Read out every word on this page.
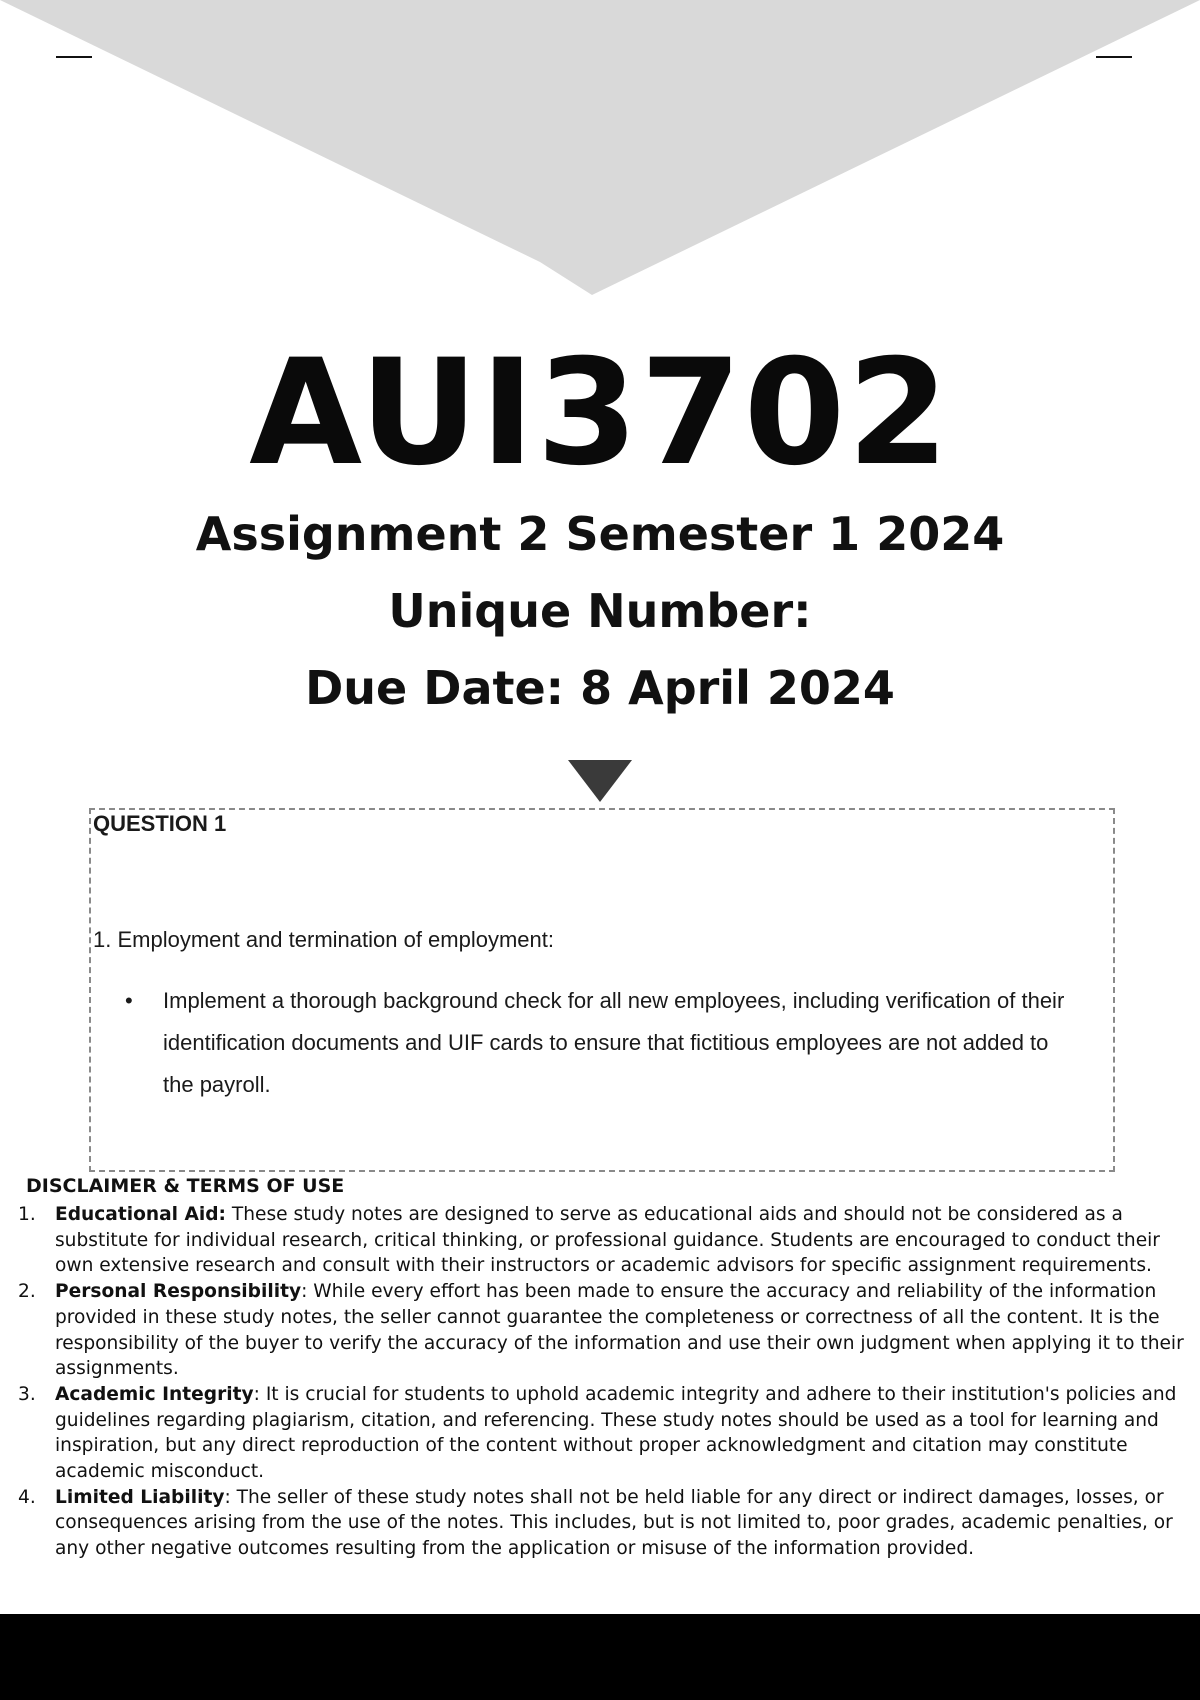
AUI3702
Assignment 2 Semester 1 2024
Unique Number:
Due Date: 8 April 2024
QUESTION 1
1. Employment and termination of employment:
• Implement a thorough background check for all new employees, including verification of their identification documents and UIF cards to ensure that fictitious employees are not added to the payroll.
DISCLAIMER & TERMS OF USE
1. Educational Aid: These study notes are designed to serve as educational aids and should not be considered as a substitute for individual research, critical thinking, or professional guidance. Students are encouraged to conduct their own extensive research and consult with their instructors or academic advisors for specific assignment requirements.
2. Personal Responsibility: While every effort has been made to ensure the accuracy and reliability of the information provided in these study notes, the seller cannot guarantee the completeness or correctness of all the content. It is the responsibility of the buyer to verify the accuracy of the information and use their own judgment when applying it to their assignments.
3. Academic Integrity: It is crucial for students to uphold academic integrity and adhere to their institution's policies and guidelines regarding plagiarism, citation, and referencing. These study notes should be used as a tool for learning and inspiration, but any direct reproduction of the content without proper acknowledgment and citation may constitute academic misconduct.
4. Limited Liability: The seller of these study notes shall not be held liable for any direct or indirect damages, losses, or consequences arising from the use of the notes. This includes, but is not limited to, poor grades, academic penalties, or any other negative outcomes resulting from the application or misuse of the information provided.
